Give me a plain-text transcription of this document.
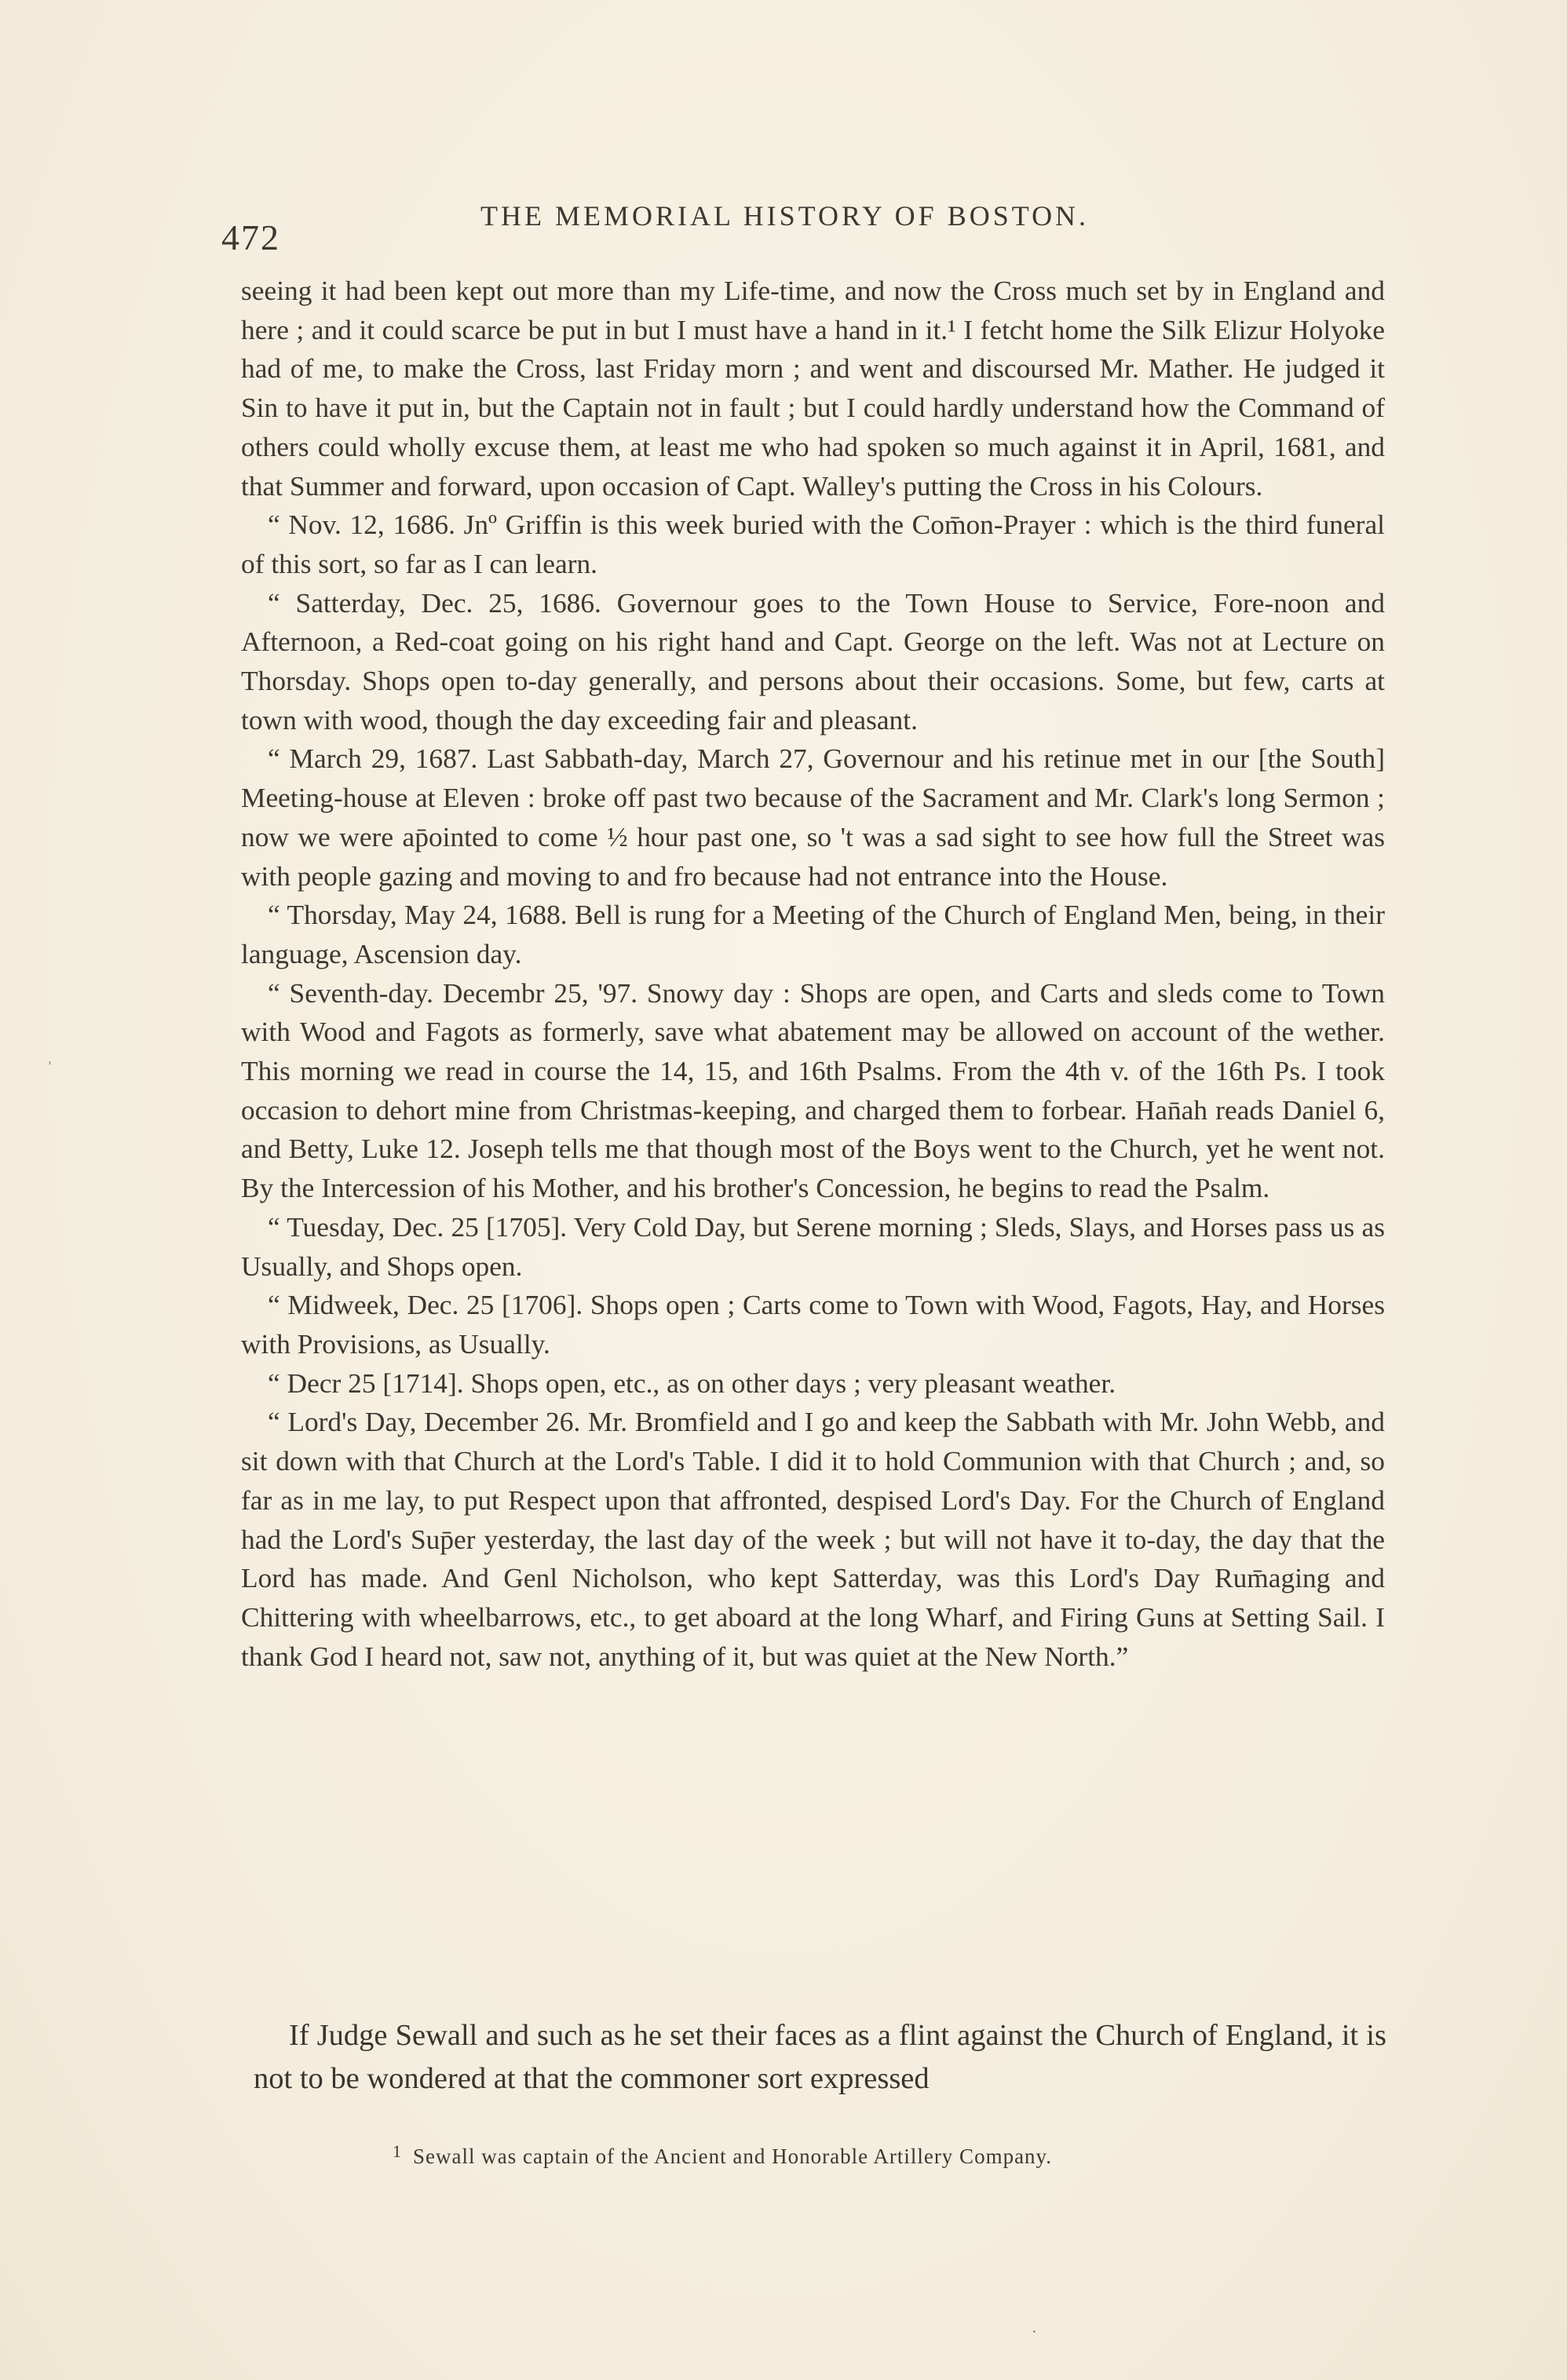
472
THE MEMORIAL HISTORY OF BOSTON.

seeing it had been kept out more than my Life-time, and now the Cross much set by in England and here ; and it could scarce be put in but I must have a hand in it.¹ I fetcht home the Silk Elizur Holyoke had of me, to make the Cross, last Friday morn ; and went and discoursed Mr. Mather. He judged it Sin to have it put in, but the Captain not in fault ; but I could hardly understand how the Command of others could wholly excuse them, at least me who had spoken so much against it in April, 1681, and that Summer and forward, upon occasion of Capt. Walley's putting the Cross in his Colours.

“ Nov. 12, 1686. Jnº Griffin is this week buried with the Com̄on-Prayer : which is the third funeral of this sort, so far as I can learn.

“ Satterday, Dec. 25, 1686. Governour goes to the Town House to Service, Fore-noon and Afternoon, a Red-coat going on his right hand and Capt. George on the left. Was not at Lecture on Thorsday. Shops open to-day generally, and persons about their occasions. Some, but few, carts at town with wood, though the day exceeding fair and pleasant.

“ March 29, 1687. Last Sabbath-day, March 27, Governour and his retinue met in our [the South] Meeting-house at Eleven : broke off past two because of the Sacrament and Mr. Clark's long Sermon ; now we were ap̄ointed to come ½ hour past one, so 't was a sad sight to see how full the Street was with people gazing and moving to and fro because had not entrance into the House.

“ Thorsday, May 24, 1688. Bell is rung for a Meeting of the Church of England Men, being, in their language, Ascension day.

“ Seventh-day. Decembr 25, '97. Snowy day : Shops are open, and Carts and sleds come to Town with Wood and Fagots as formerly, save what abatement may be allowed on account of the wether. This morning we read in course the 14, 15, and 16th Psalms. From the 4th v. of the 16th Ps. I took occasion to dehort mine from Christmas-keeping, and charged them to forbear. Han̄ah reads Daniel 6, and Betty, Luke 12. Joseph tells me that though most of the Boys went to the Church, yet he went not. By the Intercession of his Mother, and his brother's Concession, he begins to read the Psalm.

“ Tuesday, Dec. 25 [1705]. Very Cold Day, but Serene morning ; Sleds, Slays, and Horses pass us as Usually, and Shops open.

“ Midweek, Dec. 25 [1706]. Shops open ; Carts come to Town with Wood, Fagots, Hay, and Horses with Provisions, as Usually.

“ Decr 25 [1714]. Shops open, etc., as on other days ; very pleasant weather.

“ Lord's Day, December 26. Mr. Bromfield and I go and keep the Sabbath with Mr. John Webb, and sit down with that Church at the Lord's Table. I did it to hold Communion with that Church ; and, so far as in me lay, to put Respect upon that affronted, despised Lord's Day. For the Church of England had the Lord's Sup̄er yesterday, the last day of the week ; but will not have it to-day, the day that the Lord has made. And Genl Nicholson, who kept Satterday, was this Lord's Day Rum̄aging and Chittering with wheelbarrows, etc., to get aboard at the long Wharf, and Firing Guns at Setting Sail. I thank God I heard not, saw not, anything of it, but was quiet at the New North.”

If Judge Sewall and such as he set their faces as a flint against the Church of England, it is not to be wondered at that the commoner sort expressed

$^1$ Sewall was captain of the Ancient and Honorable Artillery Company.
˒
·
